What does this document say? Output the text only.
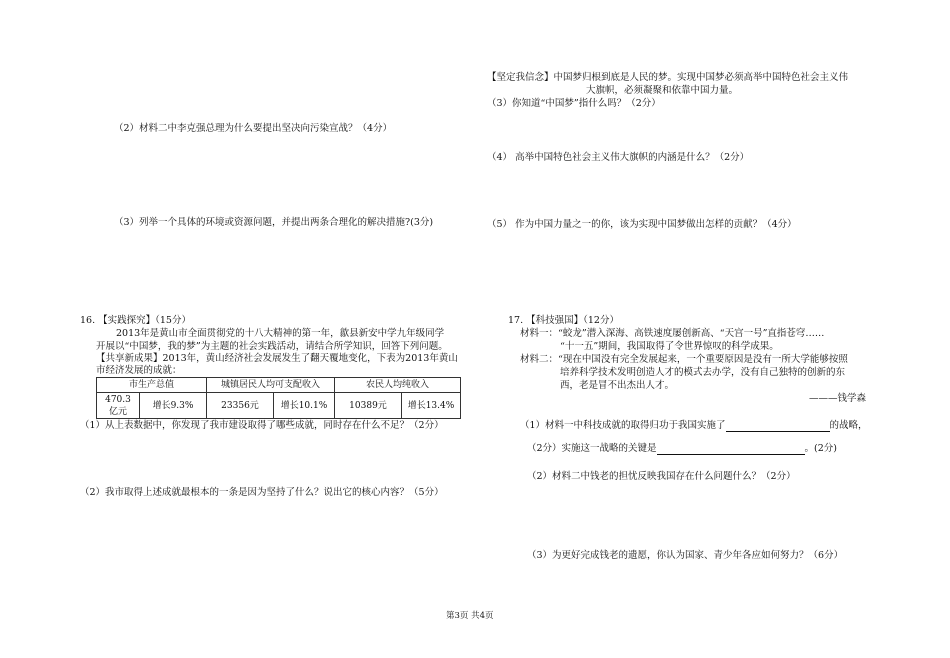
（2）材料二中李克强总理为什么要提出坚决向污染宣战？（4分）
（3）列举一个具体的环境或资源问题，并提出两条合理化的解决措施?(3分)
16. 【实践探究】（15分）
2013年是黄山市全面贯彻党的十八大精神的第一年，歙县新安中学九年级同学
开展以“中国梦，我的梦”为主题的社会实践活动，请结合所学知识，回答下列问题。
【共享新成果】2013年，黄山经济社会发展发生了翻天覆地变化，下表为2013年黄山
市经济发展的成就：
市生产总值		城镇居民人均可支配收入		农民人均纯收入	

470.3
亿元	增长9.3%	23356元	增长10.1%	10389元	增长13.4%
（1）从上表数据中，你发现了我市建设取得了哪些成就，同时存在什么不足？（2分）
（2）我市取得上述成就最根本的一条是因为坚持了什么？说出它的核心内容？（5分）
【坚定我信念】中国梦归根到底是人民的梦。实现中国梦必须高举中国特色社会主义伟
大旗帜，必须凝聚和依靠中国力量。
（3）你知道“中国梦”指什么吗？（2分）
（4） 高举中国特色社会主义伟大旗帜的内涵是什么？（2分）
（5） 作为中国力量之一的你，该为实现中国梦做出怎样的贡献？（4分）
17. 【科技强国】（12分）
材料一：“蛟龙”潜入深海、高铁速度屡创新高、“天宫一号”直指苍穹……
“十一五”期间，我国取得了令世界惊叹的科学成果。
材料二：“现在中国没有完全发展起来，一个重要原因是没有一所大学能够按照
培养科学技术发明创造人才的模式去办学，没有自己独特的创新的东
西，老是冒不出杰出人才。
———钱学森
（1）材料一中科技成就的取得归功于我国实施了	的战略，
（2分）实施这一战略的关键是	。(2分)
（2）材料二中钱老的担忧反映我国存在什么问题什么？（2分）
（3）为更好完成钱老的遗愿，你认为国家、青少年各应如何努力？（6分）
第3页 共4页
